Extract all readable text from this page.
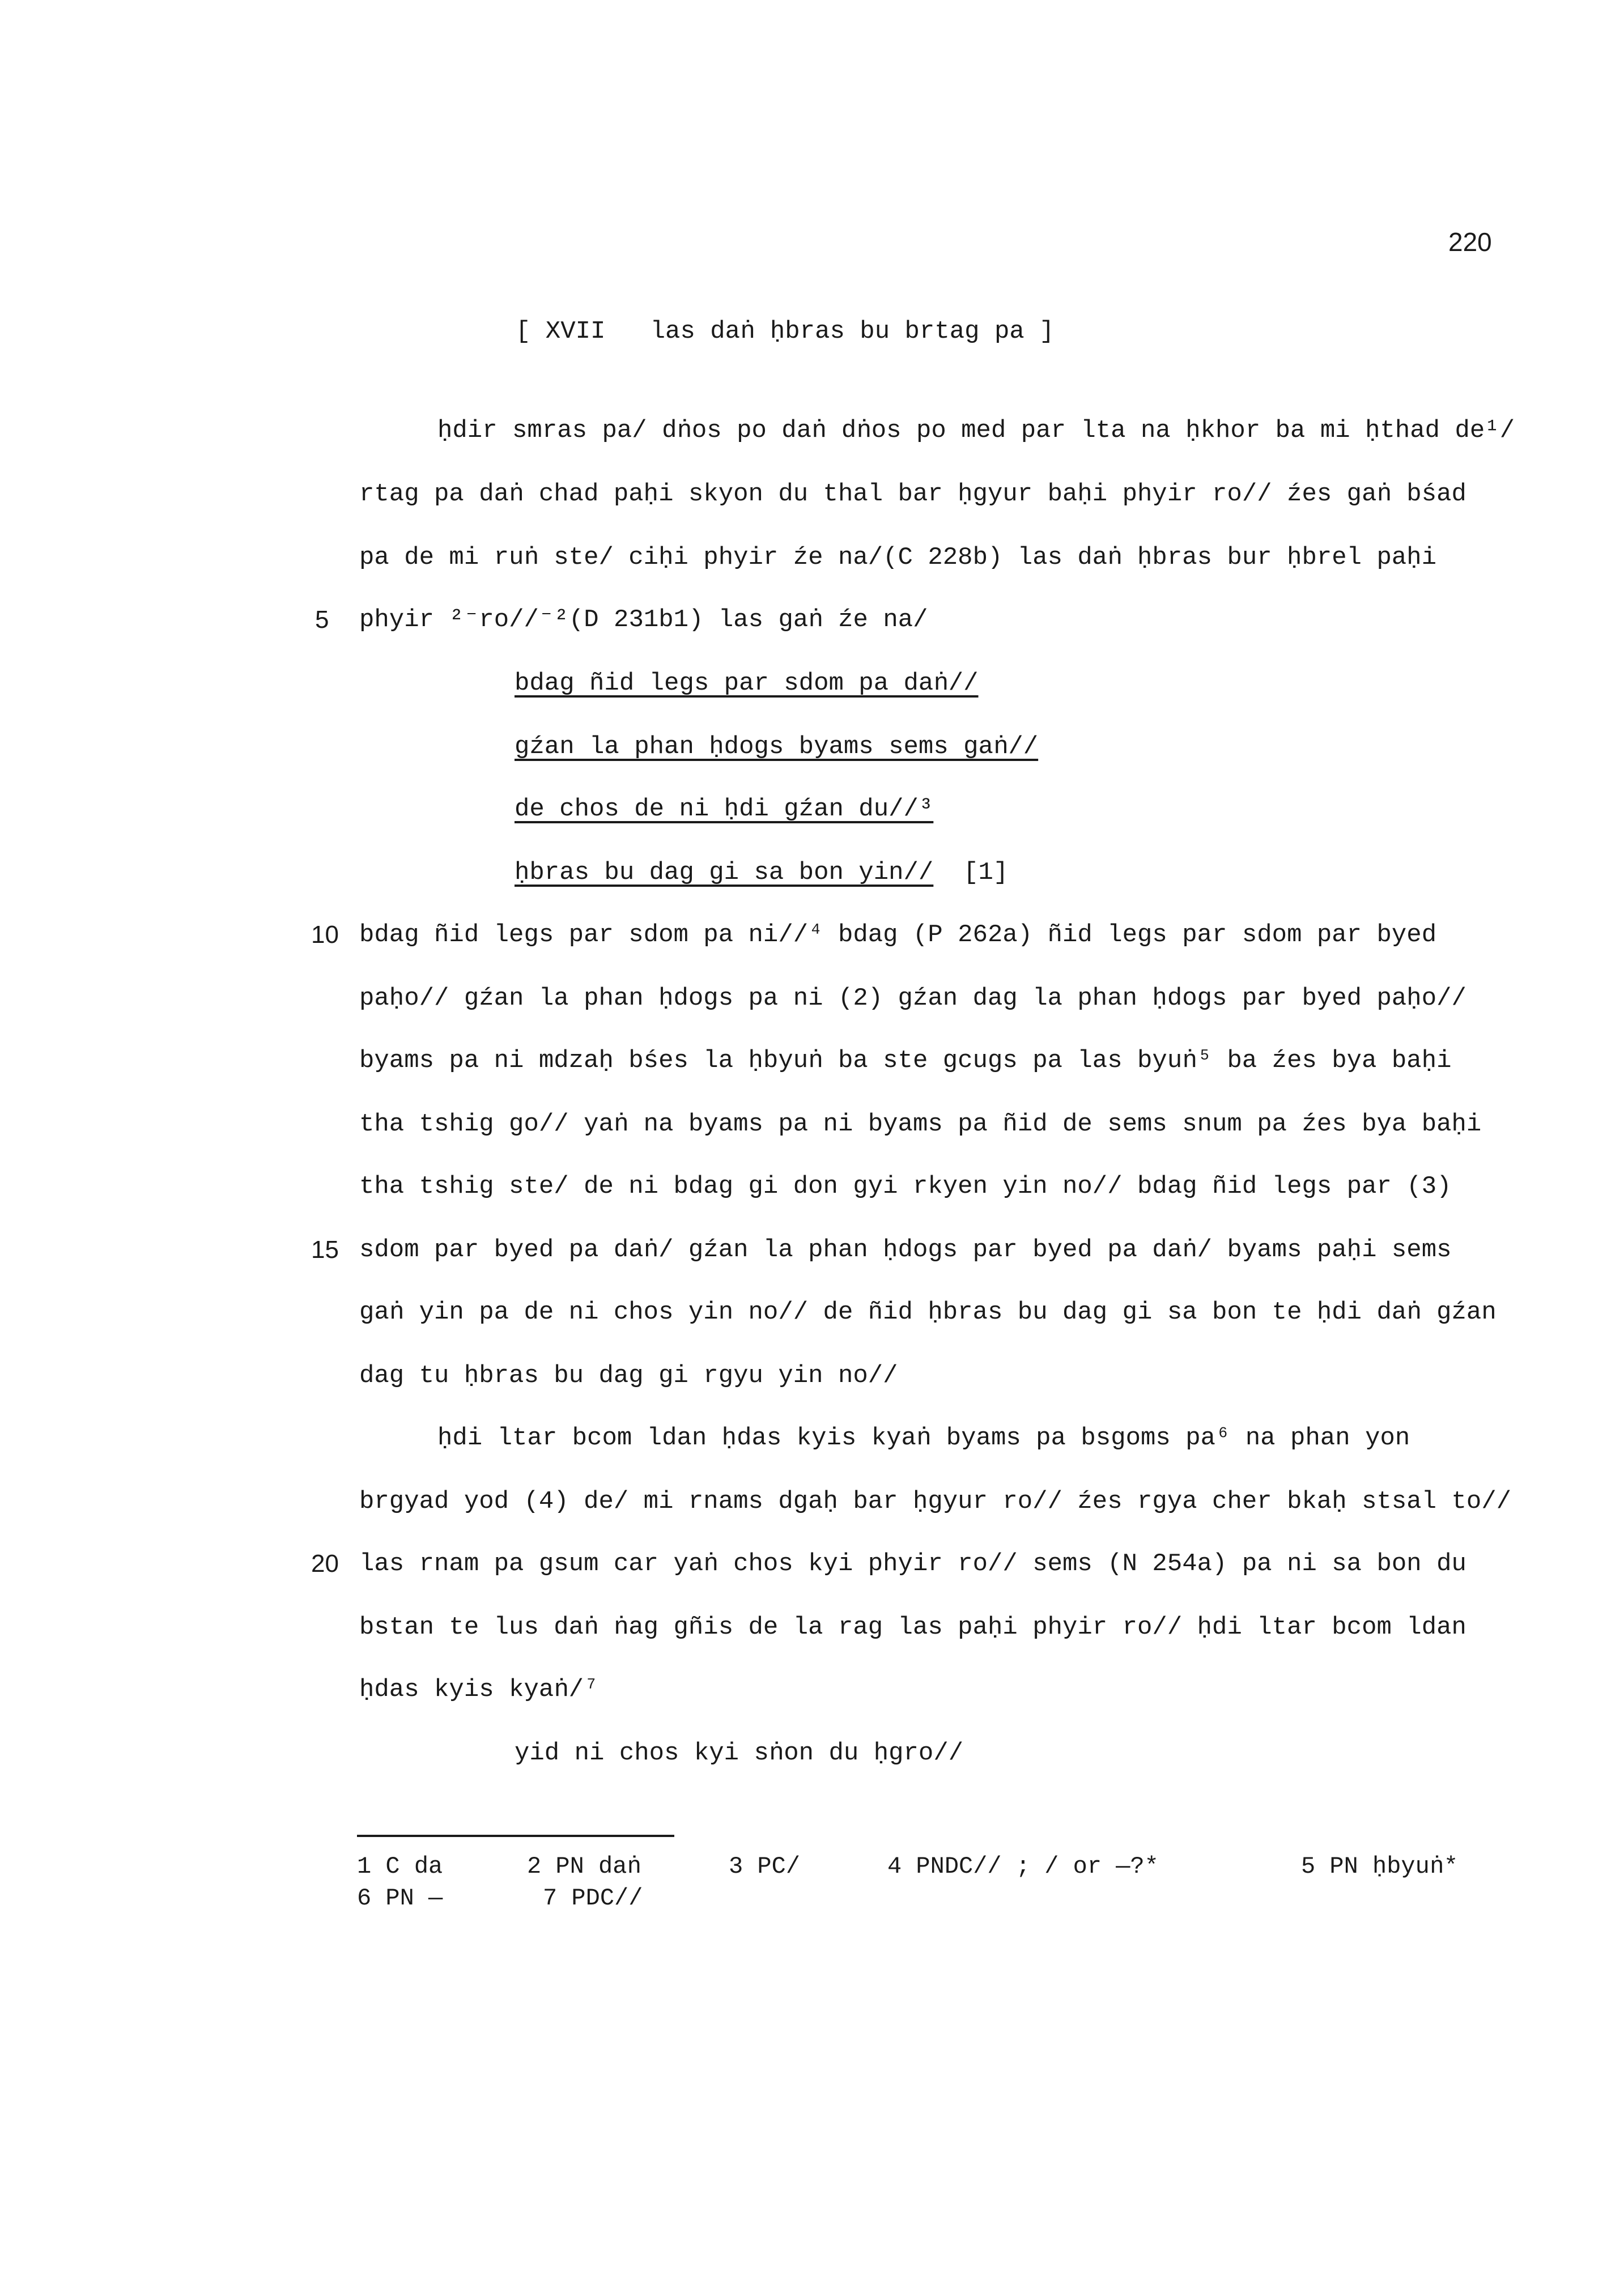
220
[ XVII   las daṅ ḥbras bu brtag pa ]
ḥdir smras pa/ dṅos po daṅ dṅos po med par lta na ḥkhor ba mi ḥthad de¹/
rtag pa daṅ chad paḥi skyon du thal bar ḥgyur baḥi phyir ro// źes gaṅ bśad
pa de mi ruṅ ste/ ciḥi phyir źe na/(C 228b) las daṅ ḥbras bur ḥbrel paḥi
5	phyir ²⁻ro//⁻²(D 231b1) las gaṅ źe na/
bdag ñid legs par sdom pa daṅ//
gźan la phan ḥdogs byams sems gaṅ//
de chos de ni ḥdi gźan du//³
ḥbras bu dag gi sa bon yin//  [1]
10 bdag ñid legs par sdom pa ni//⁴ bdag (P 262a) ñid legs par sdom par byed
paḥo// gźan la phan ḥdogs pa ni (2) gźan dag la phan ḥdogs par byed paḥo//
byams pa ni mdzaḥ bśes la ḥbyuṅ ba ste gcugs pa las byuṅ⁵ ba źes bya baḥi
tha tshig go// yaṅ na byams pa ni byams pa ñid de sems snum pa źes bya baḥi
tha tshig ste/ de ni bdag gi don gyi rkyen yin no// bdag ñid legs par (3)
15 sdom par byed pa daṅ/ gźan la phan ḥdogs par byed pa daṅ/ byams paḥi sems
gaṅ yin pa de ni chos yin no// de ñid ḥbras bu dag gi sa bon te ḥdi daṅ gźan
dag tu ḥbras bu dag gi rgyu yin no//
ḥdi ltar bcom ldan ḥdas kyis kyaṅ byams pa bsgoms pa⁶ na phan yon
brgyad yod (4) de/ mi rnams dgaḥ bar ḥgyur ro// źes rgya cher bkaḥ stsal to//
20 las rnam pa gsum car yaṅ chos kyi phyir ro// sems (N 254a) pa ni sa bon du
bstan te lus daṅ ṅag gñis de la rag las paḥi phyir ro// ḥdi ltar bcom ldan
ḥdas kyis kyaṅ/⁷
yid ni chos kyi sṅon du ḥgro//
1 C da	2 PN daṅ	3 PC/	4 PNDC// ; / or —?*	5 PN ḥbyuṅ*
6 PN —	7 PDC//
